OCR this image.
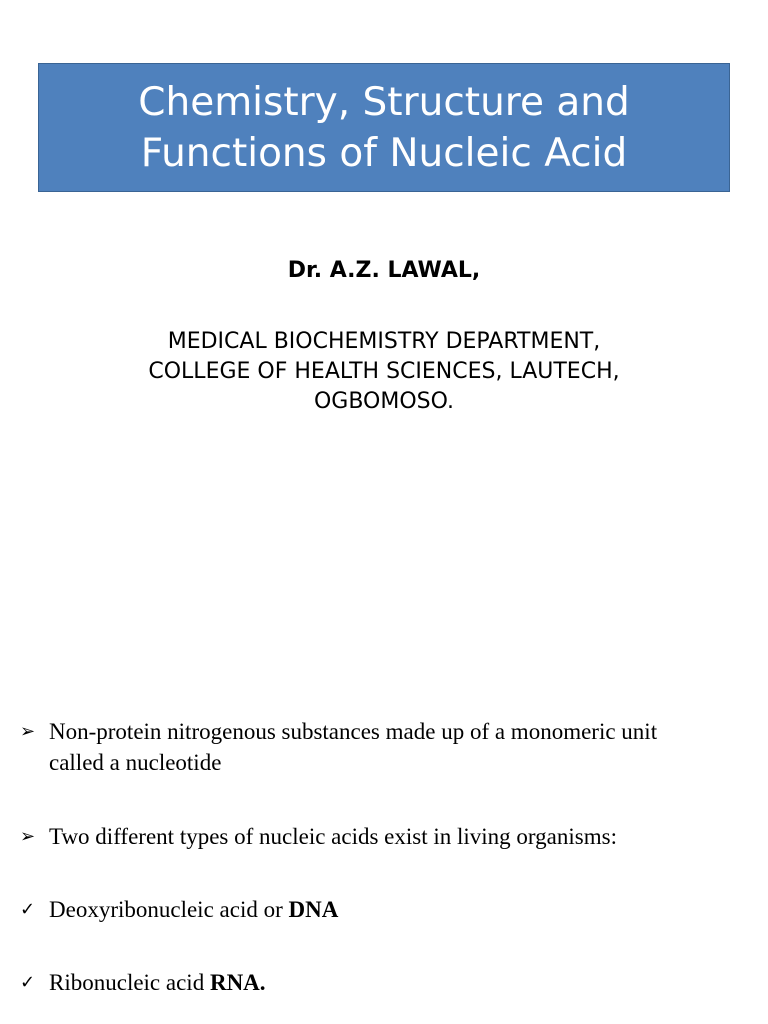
Chemistry, Structure and
Functions of Nucleic Acid
Dr. A.Z. LAWAL,
MEDICAL BIOCHEMISTRY DEPARTMENT,
COLLEGE OF HEALTH SCIENCES, LAUTECH,
OGBOMOSO.
➢ Non-protein nitrogenous substances made up of a monomeric unit
called a nucleotide
➢ Two different types of nucleic acids exist in living organisms:
✓ Deoxyribonucleic acid or DNA
✓ Ribonucleic acid RNA.
